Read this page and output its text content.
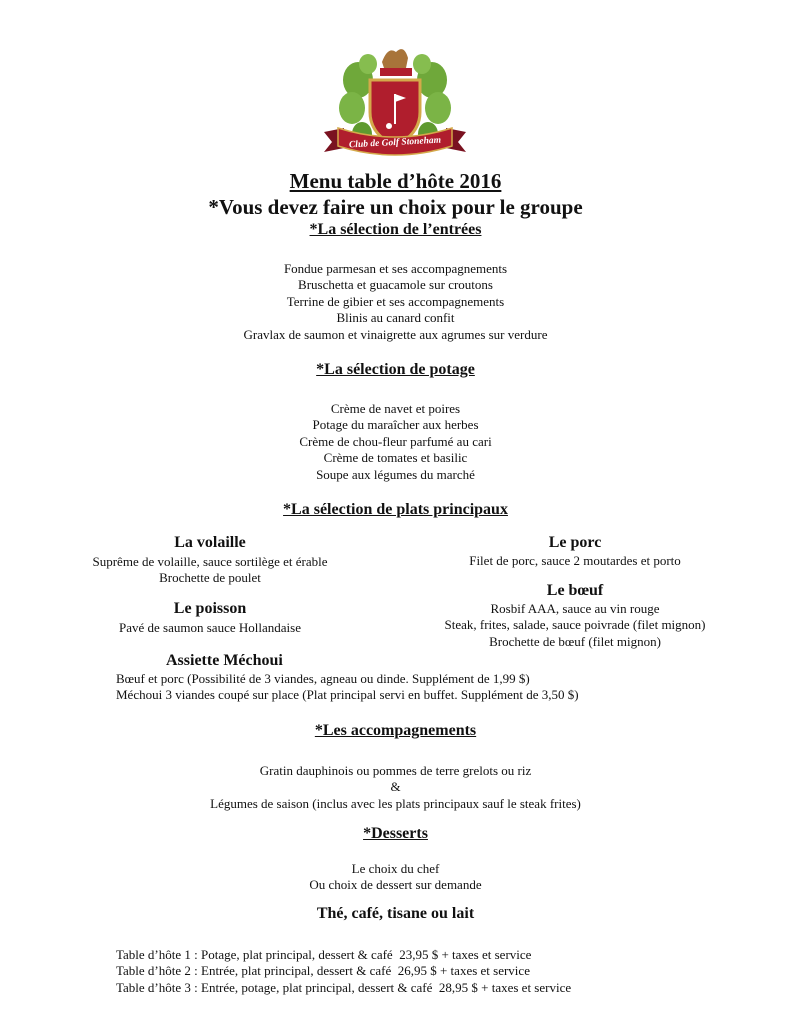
Club de Golf Stoneham
Menu table d’hôte 2016
*Vous devez faire un choix pour le groupe
*La sélection de l’entrées
Fondue parmesan et ses accompagnements
Bruschetta et guacamole sur croutons
Terrine de gibier et ses accompagnements
Blinis au canard confit
Gravlax de saumon et vinaigrette aux agrumes sur verdure
*La sélection de potage
Crème de navet et poires
Potage du maraîcher aux herbes
Crème de chou-fleur parfumé au cari
Crème de tomates et basilic
Soupe aux légumes du marché
*La sélection de plats principaux
La volaille
Suprême de volaille, sauce sortilège et érable
Brochette de poulet
Le poisson
Pavé de saumon sauce Hollandaise
Le porc
Filet de porc, sauce 2 moutardes et porto
Le bœuf
Rosbif AAA, sauce au vin rouge
Steak, frites, salade, sauce poivrade (filet mignon)
Brochette de bœuf (filet mignon)
Assiette Méchoui
Bœuf et porc (Possibilité de 3 viandes, agneau ou dinde. Supplément de 1,99 $)
Méchoui 3 viandes coupé sur place (Plat principal servi en buffet. Supplément de 3,50 $)
*Les accompagnements
Gratin dauphinois ou pommes de terre grelots ou riz
&
Légumes de saison (inclus avec les plats principaux sauf le steak frites)
*Desserts
Le choix du chef
Ou choix de dessert sur demande
Thé, café, tisane ou lait
Table d’hôte 1 : Potage, plat principal, dessert & café  23,95 $ + taxes et service
Table d’hôte 2 : Entrée, plat principal, dessert & café  26,95 $ + taxes et service
Table d’hôte 3 : Entrée, potage, plat principal, dessert & café  28,95 $ + taxes et service
